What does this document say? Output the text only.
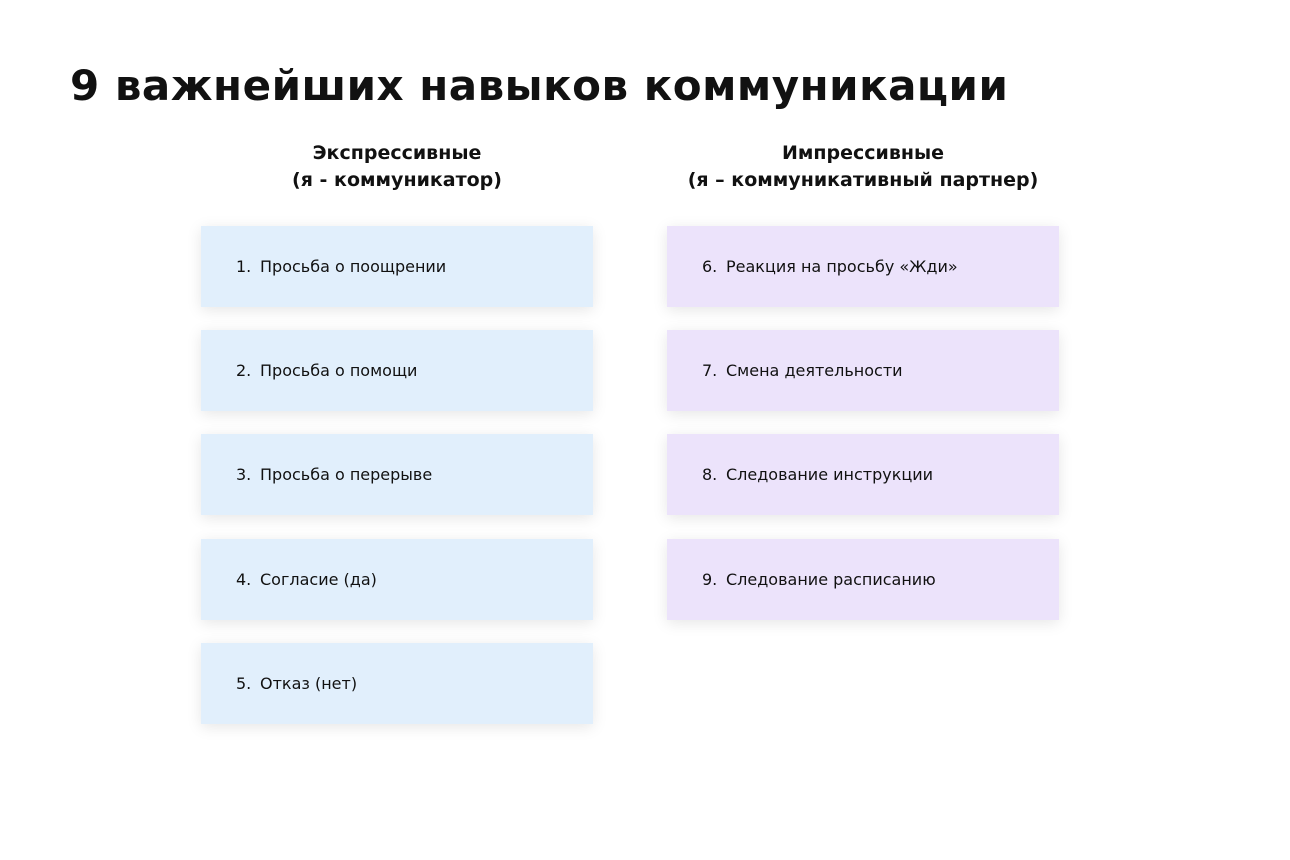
9 важнейших навыков коммуникации
Экспрессивные
(я - коммуникатор)
Импрессивные
(я – коммуникативный партнер)
1. Просьба о поощрении
2. Просьба о помощи
3. Просьба о перерыве
4. Согласие (да)
5. Отказ (нет)
6. Реакция на просьбу «Жди»
7. Смена деятельности
8. Следование инструкции
9. Следование расписанию
